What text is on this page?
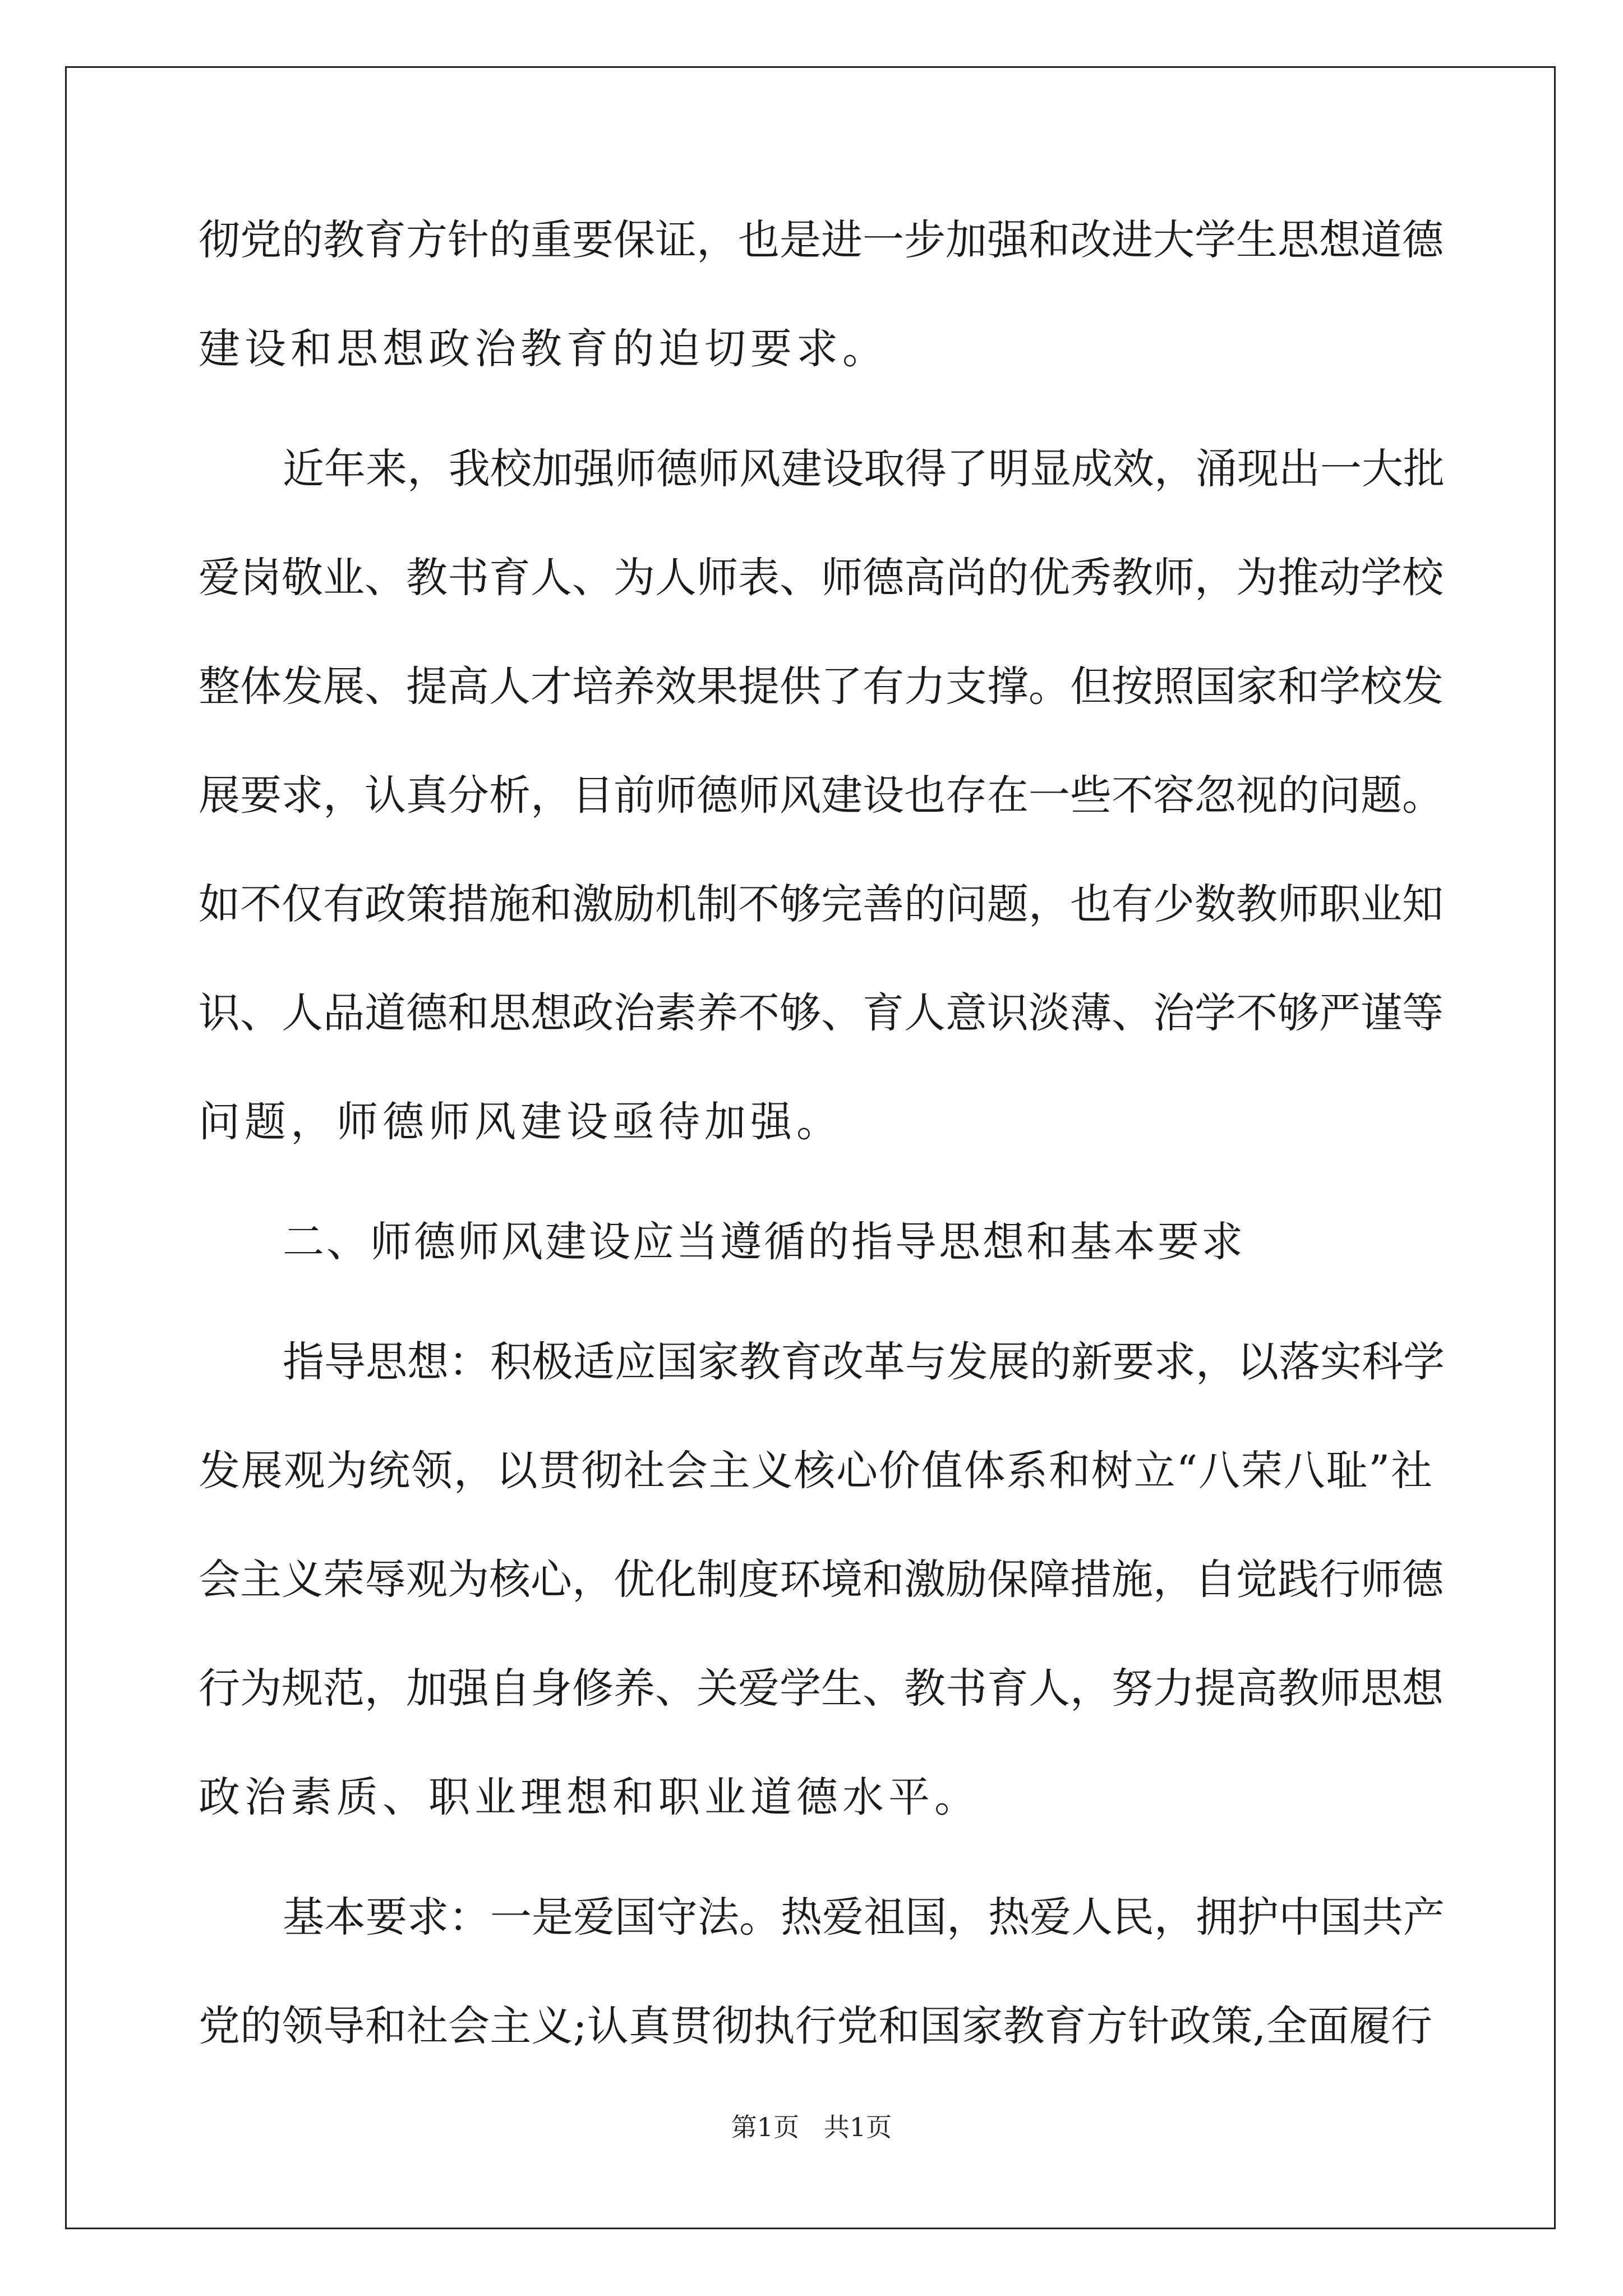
彻党的教育方针的重要保证，也是进一步加强和改进大学生思想道德
建设和思想政治教育的迫切要求。
近年来，我校加强师德师风建设取得了明显成效，涌现出一大批
爱岗敬业、教书育人、为人师表、师德高尚的优秀教师，为推动学校
整体发展、提高人才培养效果提供了有力支撑。但按照国家和学校发
展要求，认真分析，目前师德师风建设也存在一些不容忽视的问题。
如不仅有政策措施和激励机制不够完善的问题，也有少数教师职业知
识、人品道德和思想政治素养不够、育人意识淡薄、治学不够严谨等
问题，师德师风建设亟待加强。
二、师德师风建设应当遵循的指导思想和基本要求
指导思想：积极适应国家教育改革与发展的新要求，以落实科学
发展观为统领，以贯彻社会主义核心价值体系和树立“八荣八耻”社
会主义荣辱观为核心，优化制度环境和激励保障措施，自觉践行师德
行为规范，加强自身修养、关爱学生、教书育人，努力提高教师思想
政治素质、职业理想和职业道德水平。
基本要求：一是爱国守法。热爱祖国，热爱人民，拥护中国共产
党的领导和社会主义;认真贯彻执行党和国家教育方针政策,全面履行
第1页   共1页
